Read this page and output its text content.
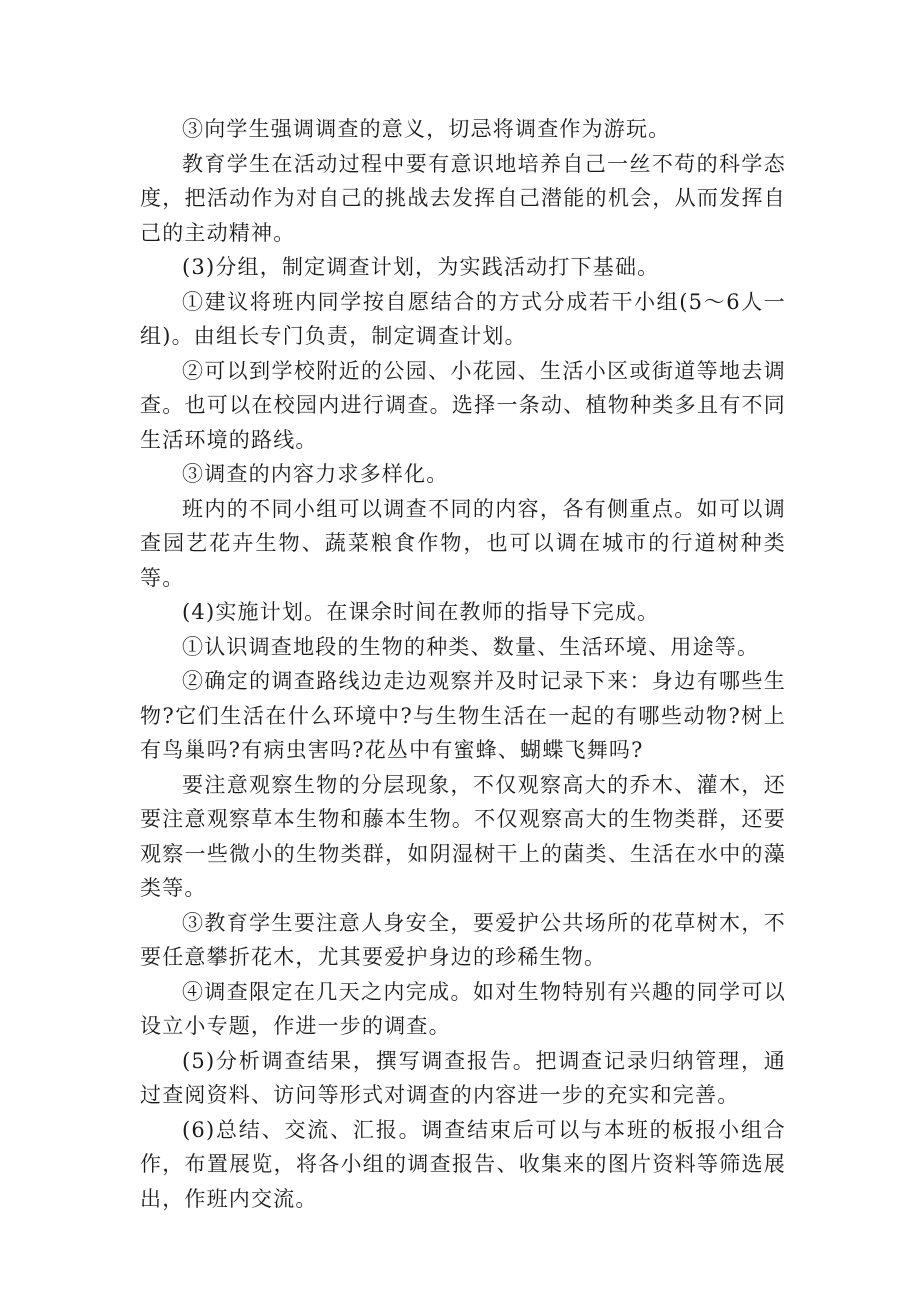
③向学生强调调查的意义，切忌将调查作为游玩。

教育学生在活动过程中要有意识地培养自己一丝不苟的科学态度，把活动作为对自己的挑战去发挥自己潜能的机会，从而发挥自己的主动精神。

(3)分组，制定调查计划，为实践活动打下基础。

①建议将班内同学按自愿结合的方式分成若干小组(5～6人一组)。由组长专门负责，制定调查计划。

②可以到学校附近的公园、小花园、生活小区或街道等地去调查。也可以在校园内进行调查。选择一条动、植物种类多且有不同生活环境的路线。

③调查的内容力求多样化。

班内的不同小组可以调查不同的内容，各有侧重点。如可以调查园艺花卉生物、蔬菜粮食作物，也可以调在城市的行道树种类等。

(4)实施计划。在课余时间在教师的指导下完成。

①认识调查地段的生物的种类、数量、生活环境、用途等。

②确定的调查路线边走边观察并及时记录下来：身边有哪些生物?它们生活在什么环境中?与生物生活在一起的有哪些动物?树上有鸟巢吗?有病虫害吗?花丛中有蜜蜂、蝴蝶飞舞吗?

要注意观察生物的分层现象，不仅观察高大的乔木、灌木，还要注意观察草本生物和藤本生物。不仅观察高大的生物类群，还要观察一些微小的生物类群，如阴湿树干上的菌类、生活在水中的藻类等。

③教育学生要注意人身安全，要爱护公共场所的花草树木，不要任意攀折花木，尤其要爱护身边的珍稀生物。

④调查限定在几天之内完成。如对生物特别有兴趣的同学可以设立小专题，作进一步的调查。

(5)分析调查结果，撰写调查报告。把调查记录归纳管理，通过查阅资料、访问等形式对调查的内容进一步的充实和完善。

(6)总结、交流、汇报。调查结束后可以与本班的板报小组合作，布置展览，将各小组的调查报告、收集来的图片资料等筛选展出，作班内交流。
